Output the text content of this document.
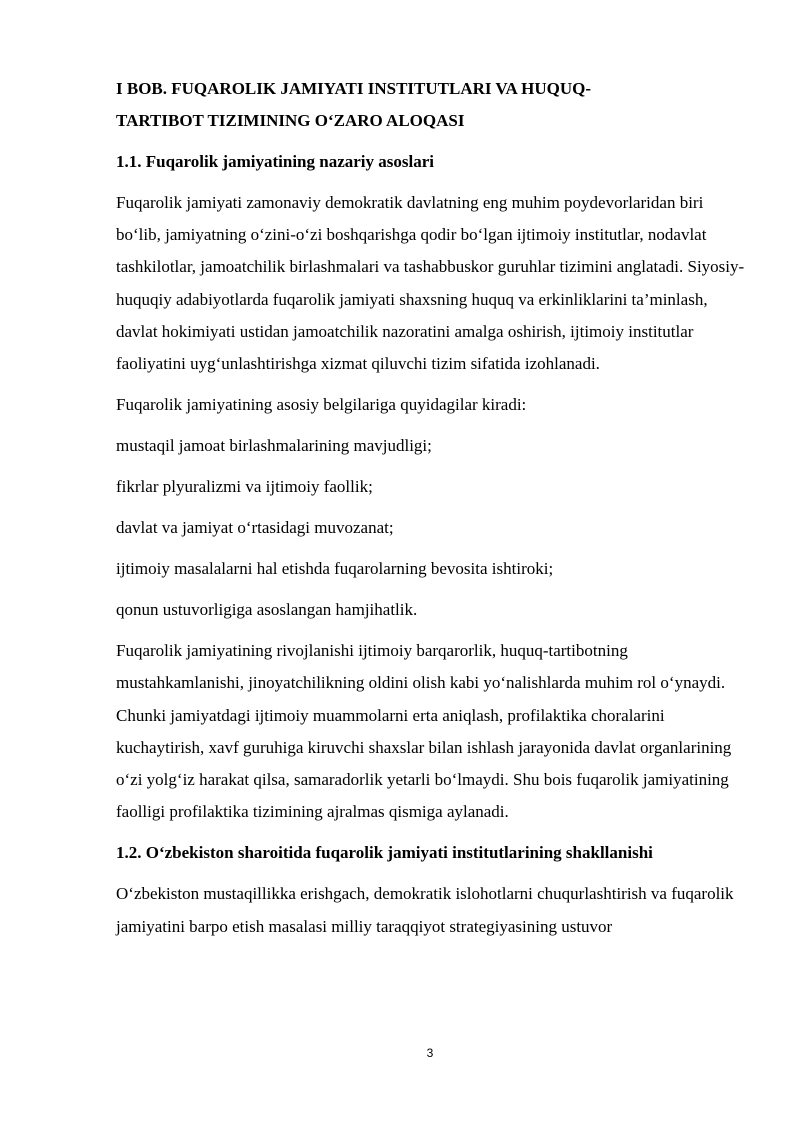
I BOB. FUQAROLIK JAMIYATI INSTITUTLARI VA HUQUQ-
TARTIBOT TIZIMINING O‘ZARO ALOQASI
1.1. Fuqarolik jamiyatining nazariy asoslari
Fuqarolik jamiyati zamonaviy demokratik davlatning eng muhim poydevorlaridan biri bo‘lib, jamiyatning o‘zini-o‘zi boshqarishga qodir bo‘lgan ijtimoiy institutlar, nodavlat tashkilotlar, jamoatchilik birlashmalari va tashabbuskor guruhlar tizimini anglatadi. Siyosiy-huquqiy adabiyotlarda fuqarolik jamiyati shaxsning huquq va erkinliklarini ta’minlash, davlat hokimiyati ustidan jamoatchilik nazoratini amalga oshirish, ijtimoiy institutlar faoliyatini uyg‘unlashtirishga xizmat qiluvchi tizim sifatida izohlanadi.
Fuqarolik jamiyatining asosiy belgilariga quyidagilar kiradi:
mustaqil jamoat birlashmalarining mavjudligi;
fikrlar plyuralizmi va ijtimoiy faollik;
davlat va jamiyat o‘rtasidagi muvozanat;
ijtimoiy masalalarni hal etishda fuqarolarning bevosita ishtiroki;
qonun ustuvorligiga asoslangan hamjihatlik.
Fuqarolik jamiyatining rivojlanishi ijtimoiy barqarorlik, huquq-tartibotning mustahkamlanishi, jinoyatchilikning oldini olish kabi yo‘nalishlarda muhim rol o‘ynaydi. Chunki jamiyatdagi ijtimoiy muammolarni erta aniqlash, profilaktika choralarini kuchaytirish, xavf guruhiga kiruvchi shaxslar bilan ishlash jarayonida davlat organlarining o‘zi yolg‘iz harakat qilsa, samaradorlik yetarli bo‘lmaydi. Shu bois fuqarolik jamiyatining faolligi profilaktika tizimining ajralmas qismiga aylanadi.
1.2. O‘zbekiston sharoitida fuqarolik jamiyati institutlarining shakllanishi
O‘zbekiston mustaqillikka erishgach, demokratik islohotlarni chuqurlashtirish va fuqarolik jamiyatini barpo etish masalasi milliy taraqqiyot strategiyasining ustuvor
3
